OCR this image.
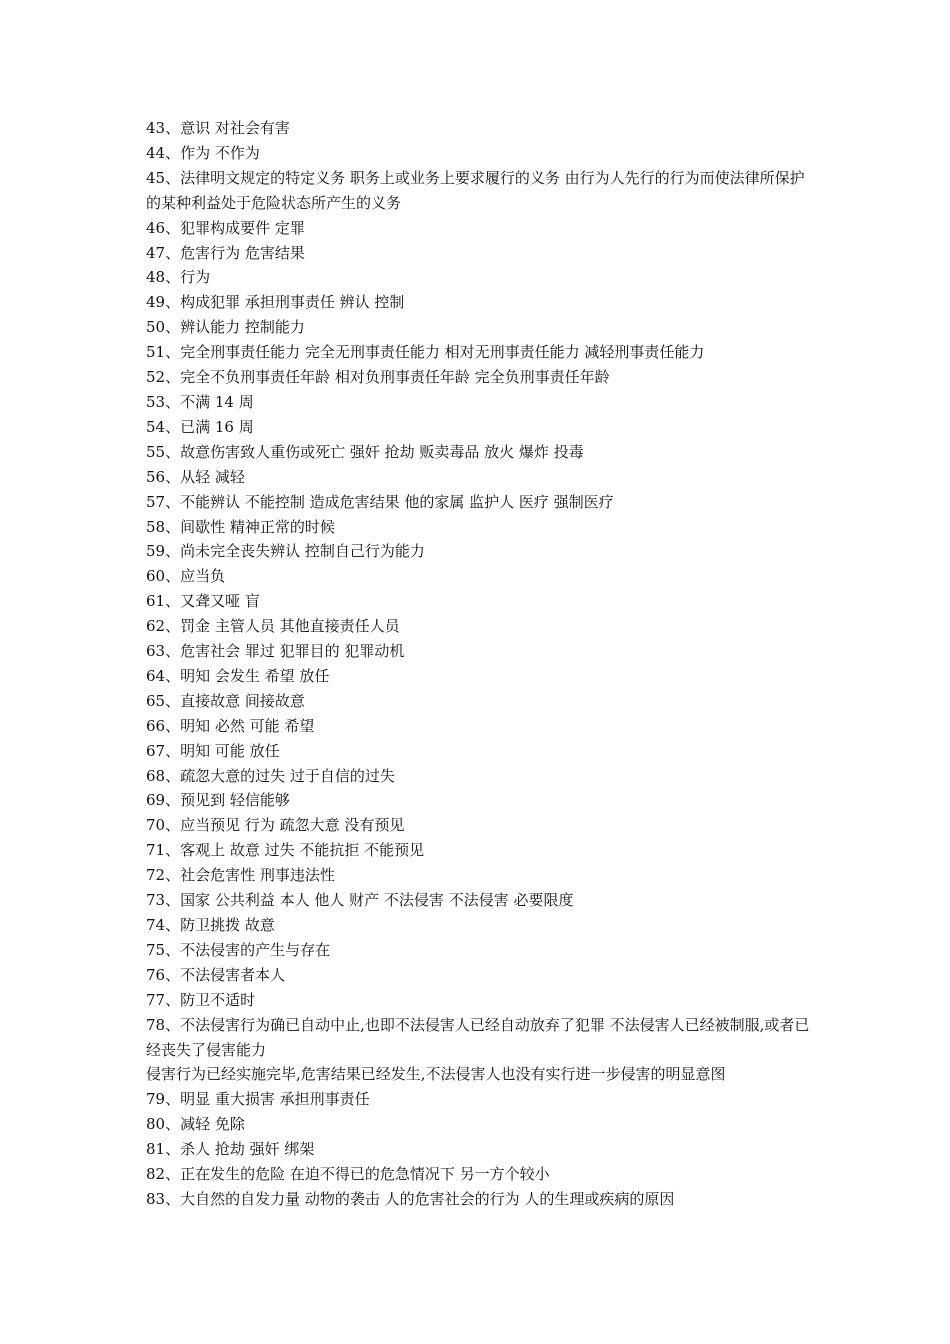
43、意识 对社会有害

44、作为 不作为

45、法律明文规定的特定义务 职务上或业务上要求履行的义务 由行为人先行的行为而使法律所保护的某种利益处于危险状态所产生的义务

46、犯罪构成要件 定罪

47、危害行为 危害结果

48、行为

49、构成犯罪 承担刑事责任 辨认 控制

50、辨认能力 控制能力

51、完全刑事责任能力 完全无刑事责任能力 相对无刑事责任能力 减轻刑事责任能力

52、完全不负刑事责任年龄 相对负刑事责任年龄 完全负刑事责任年龄

53、不满 14 周

54、已满 16 周

55、故意伤害致人重伤或死亡 强奸 抢劫 贩卖毒品 放火 爆炸 投毒

56、从轻 减轻

57、不能辨认 不能控制 造成危害结果 他的家属 监护人 医疗 强制医疗

58、间歇性 精神正常的时候

59、尚未完全丧失辨认 控制自己行为能力

60、应当负

61、又聋又哑 盲

62、罚金 主管人员 其他直接责任人员

63、危害社会 罪过 犯罪目的 犯罪动机

64、明知 会发生 希望 放任

65、直接故意 间接故意

66、明知 必然 可能 希望

67、明知 可能 放任

68、疏忽大意的过失 过于自信的过失

69、预见到 轻信能够

70、应当预见 行为 疏忽大意 没有预见

71、客观上 故意 过失 不能抗拒 不能预见

72、社会危害性 刑事违法性

73、国家 公共利益 本人 他人 财产 不法侵害 不法侵害 必要限度

74、防卫挑拨 故意

75、不法侵害的产生与存在

76、不法侵害者本人

77、防卫不适时

78、不法侵害行为确已自动中止,也即不法侵害人已经自动放弃了犯罪 不法侵害人已经被制服,或者已经丧失了侵害能力

侵害行为已经实施完毕,危害结果已经发生,不法侵害人也没有实行进一步侵害的明显意图

79、明显 重大损害 承担刑事责任

80、减轻 免除

81、杀人 抢劫 强奸 绑架

82、正在发生的危险 在迫不得已的危急情况下 另一方个较小

83、大自然的自发力量 动物的袭击 人的危害社会的行为 人的生理或疾病的原因
